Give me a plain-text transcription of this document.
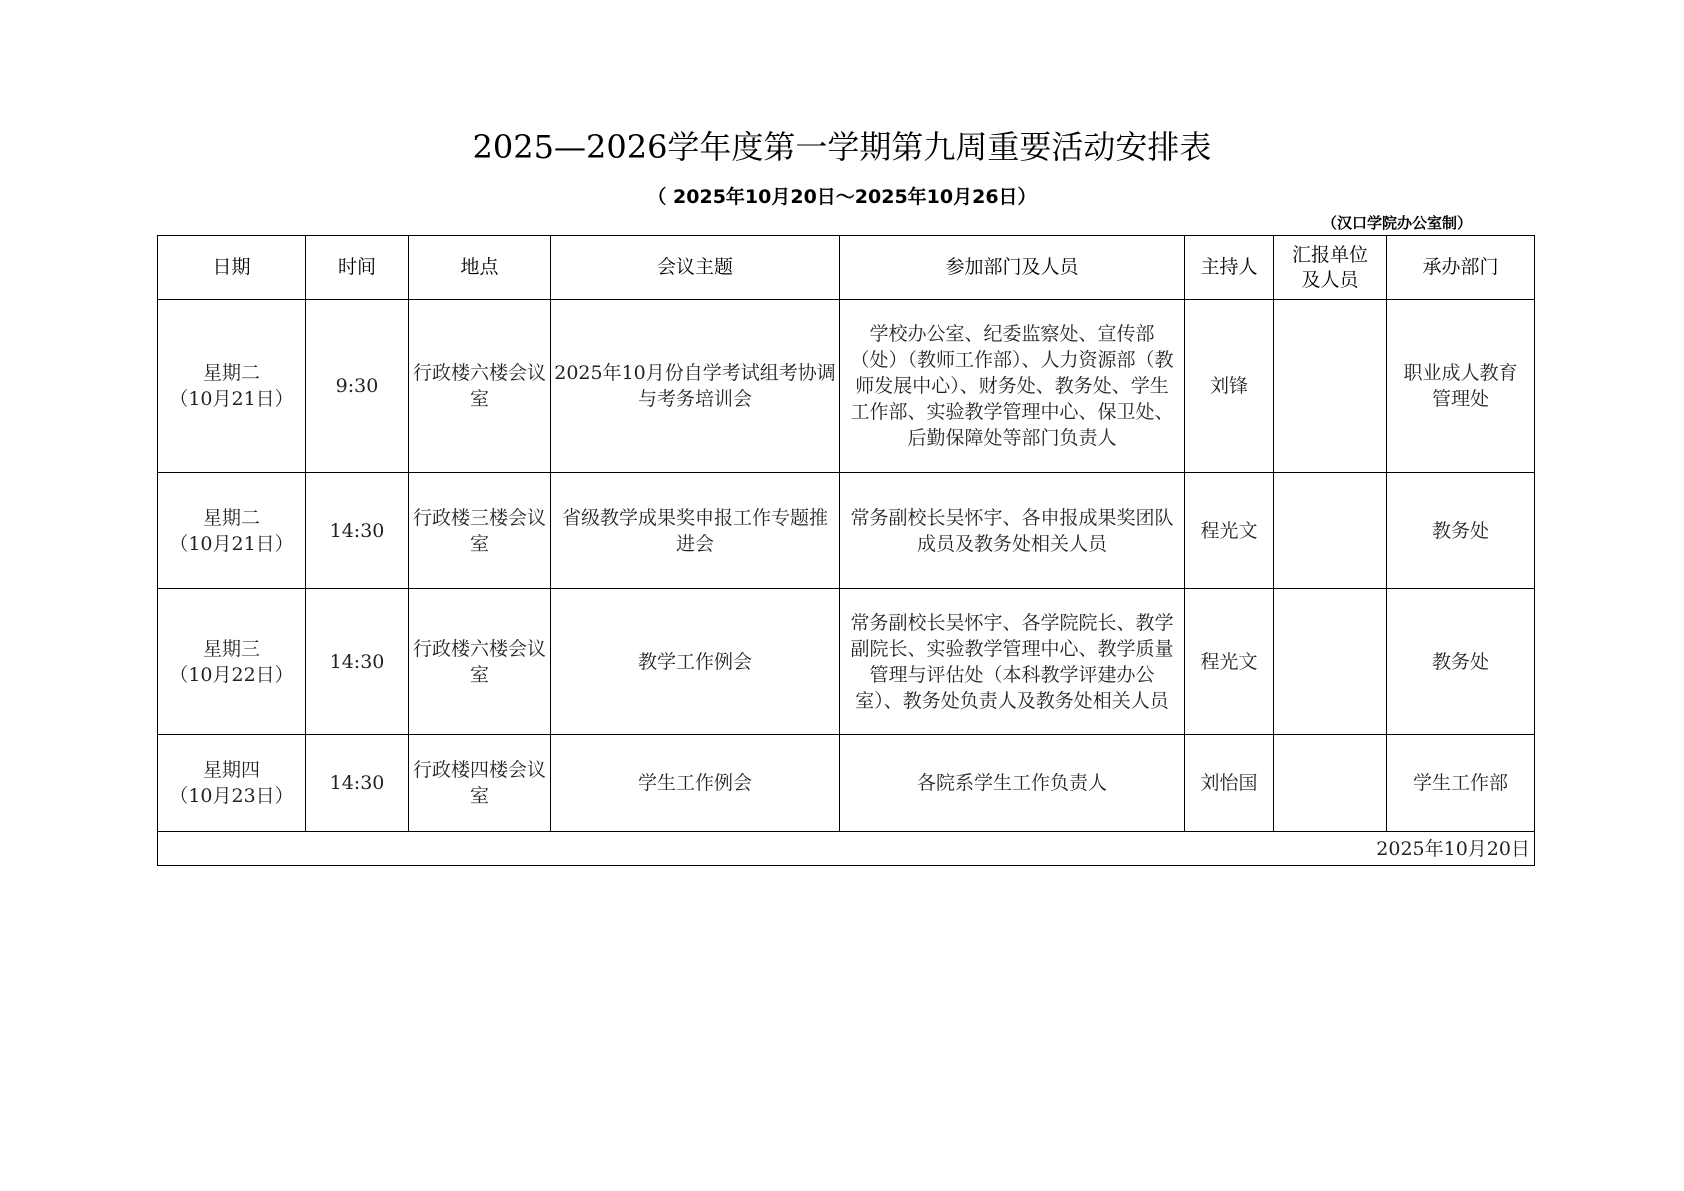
2025—2026学年度第一学期第九周重要活动安排表
（ 2025年10月20日～2025年10月26日）
（汉口学院办公室制）
日期	时间	地点	会议主题	参加部门及人员	主持人	汇报单位及人员	承办部门

星期二
（10月21日）	9:30	行政楼六楼会议室	2025年10月份自学考试组考协调与考务培训会	学校办公室、纪委监察处、宣传部（处）（教师工作部）、人力资源部（教师发展中心）、财务处、教务处、学生工作部、实验教学管理中心、保卫处、后勤保障处等部门负责人	刘锋		职业成人教育管理处

星期二
（10月21日）	14:30	行政楼三楼会议室	省级教学成果奖申报工作专题推进会	常务副校长吴怀宇、各申报成果奖团队成员及教务处相关人员	程光文		教务处

星期三
（10月22日）	14:30	行政楼六楼会议室	教学工作例会	常务副校长吴怀宇、各学院院长、教学副院长、实验教学管理中心、教学质量管理与评估处（本科教学评建办公室）、教务处负责人及教务处相关人员	程光文		教务处

星期四
（10月23日）	14:30	行政楼四楼会议室	学生工作例会	各院系学生工作负责人	刘怡国		学生工作部
2025年10月20日							
